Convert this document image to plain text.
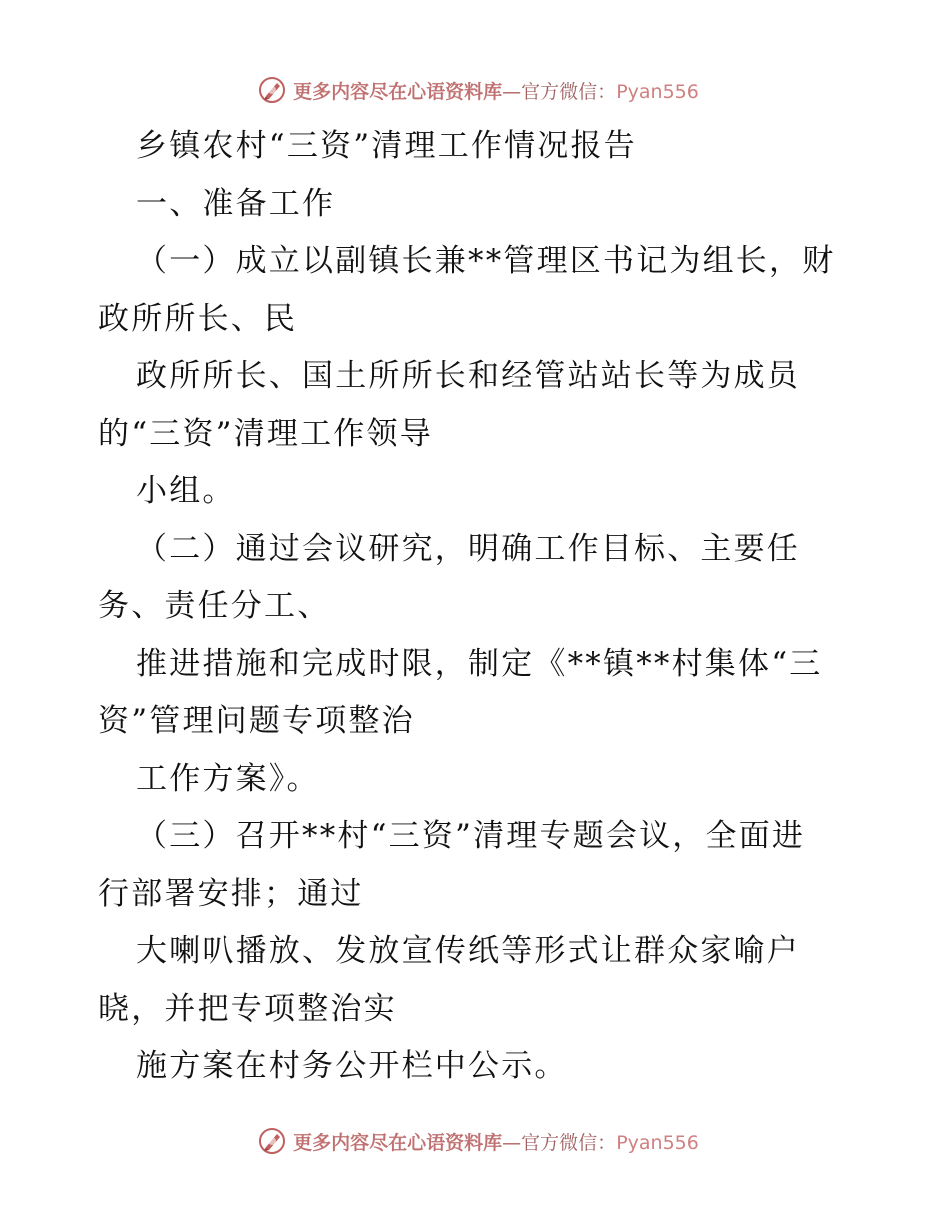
更多内容尽在心语资料库—官方微信：Pyan556
乡镇农村“三资”清理工作情况报告
一、准备工作
（一）成立以副镇长兼**管理区书记为组长，财
政所所长、民
政所所长、国土所所长和经管站站长等为成员
的“三资”清理工作领导
小组。
（二）通过会议研究，明确工作目标、主要任
务、责任分工、
推进措施和完成时限，制定《**镇**村集体“三
资”管理问题专项整治
工作方案》。
（三）召开**村“三资”清理专题会议，全面进
行部署安排；通过
大喇叭播放、发放宣传纸等形式让群众家喻户
晓，并把专项整治实
施方案在村务公开栏中公示。
更多内容尽在心语资料库—官方微信：Pyan556
